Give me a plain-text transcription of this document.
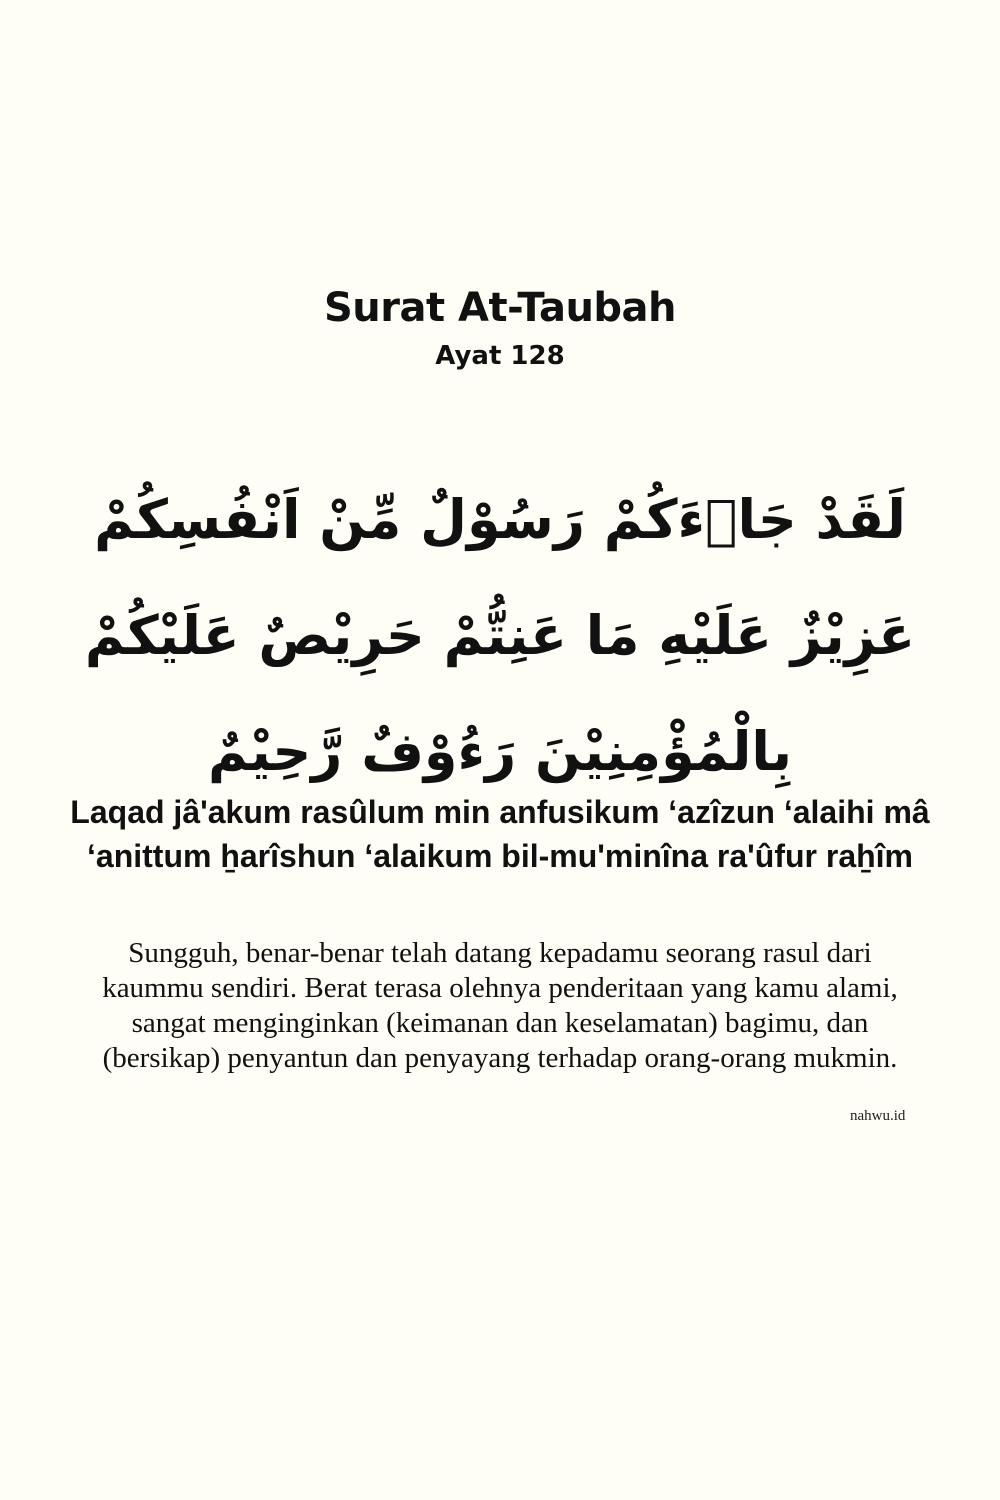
Surat At-Taubah
Ayat 128
لَقَدْ جَاۤءَكُمْ رَسُوْلٌ مِّنْ اَنْفُسِكُمْ عَزِيْزٌ عَلَيْهِ مَا عَنِتُّمْ حَرِيْصٌ عَلَيْكُمْ بِالْمُؤْمِنِيْنَ رَءُوْفٌ رَّحِيْمٌ
Laqad jâ'akum rasûlum min anfusikum ‘azîzun ‘alaihi mâ ‘anittum ẖarîshun ‘alaikum bil-mu'minîna ra'ûfur raẖîm
Sungguh, benar-benar telah datang kepadamu seorang rasul dari kaummu sendiri. Berat terasa olehnya penderitaan yang kamu alami, sangat menginginkan (keimanan dan keselamatan) bagimu, dan (bersikap) penyantun dan penyayang terhadap orang-orang mukmin.
nahwu.id
